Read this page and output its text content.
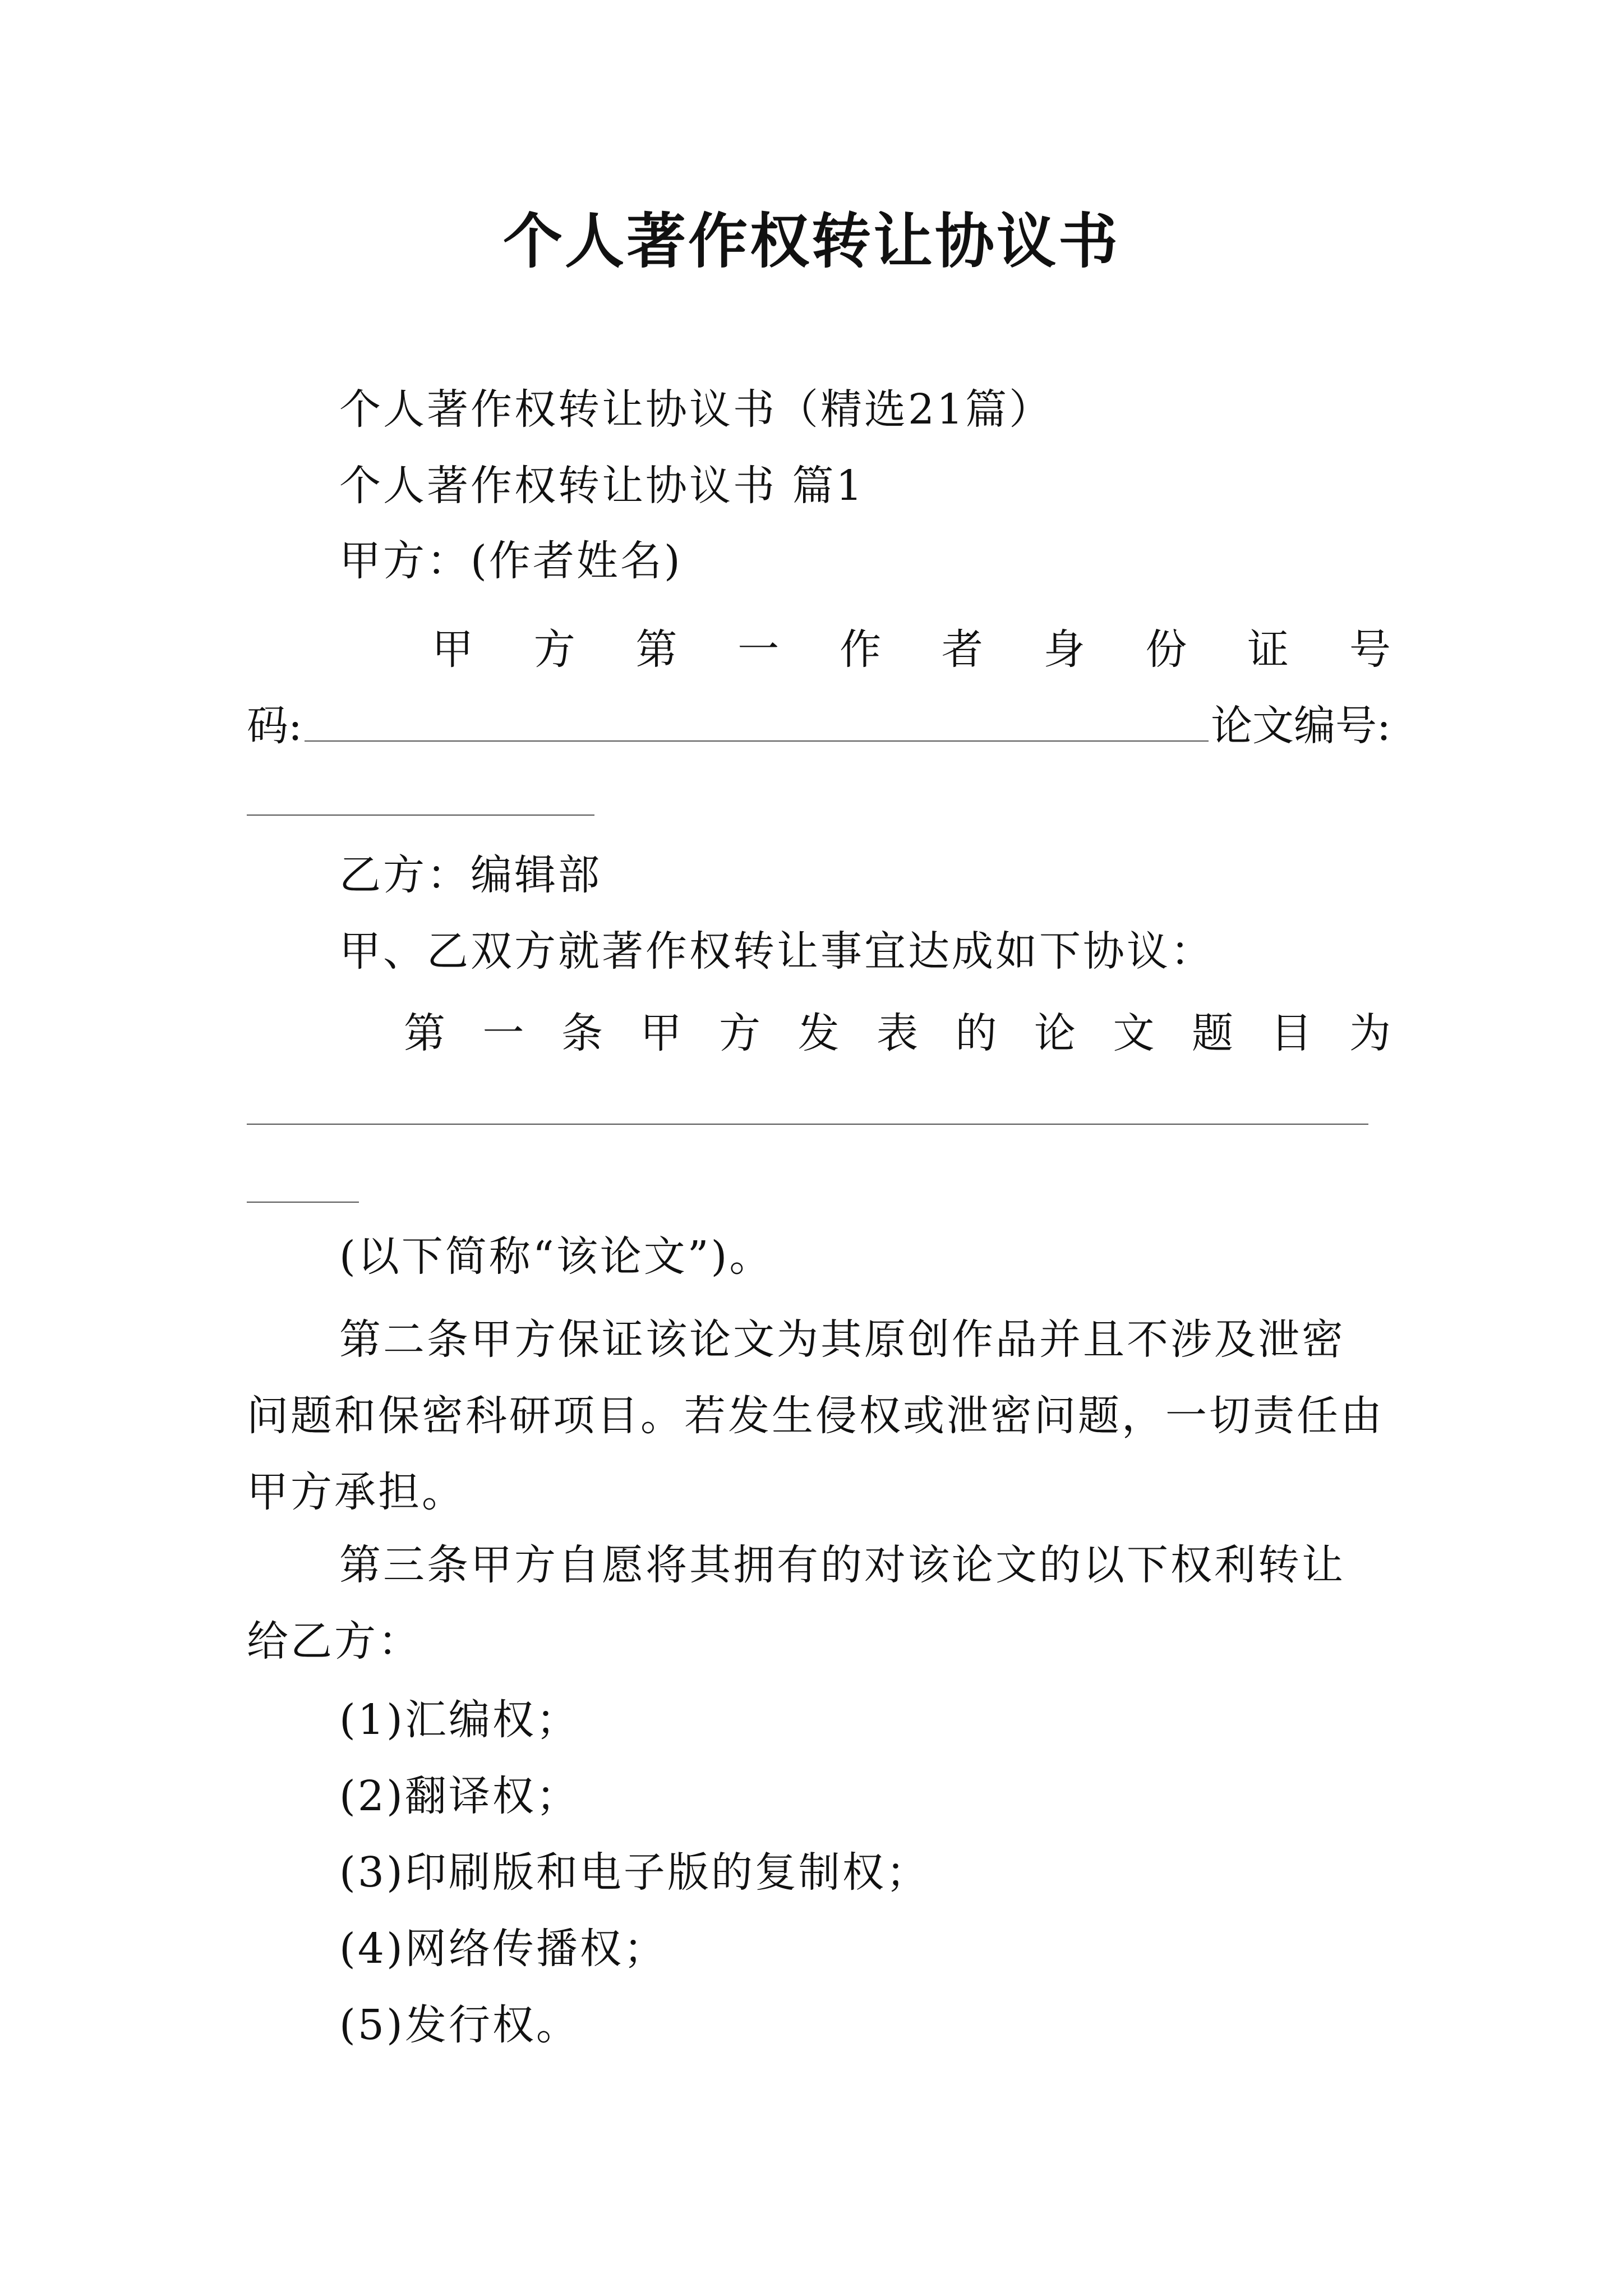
个人著作权转让协议书
个人著作权转让协议书（精选21篇）
个人著作权转让协议书 篇1
甲方：(作者姓名)
甲 方 第 一 作 者 身 份 证 号
码:	论文编号:
乙方：编辑部
甲、乙双方就著作权转让事宜达成如下协议：
第 一 条 甲 方 发 表 的 论 文 题 目 为
(以下简称“该论文”)。
第二条甲方保证该论文为其原创作品并且不涉及泄密
问题和保密科研项目。若发生侵权或泄密问题，一切责任由
甲方承担。
第三条甲方自愿将其拥有的对该论文的以下权利转让
给乙方：
(1)汇编权；
(2)翻译权；
(3)印刷版和电子版的复制权；
(4)网络传播权；
(5)发行权。
